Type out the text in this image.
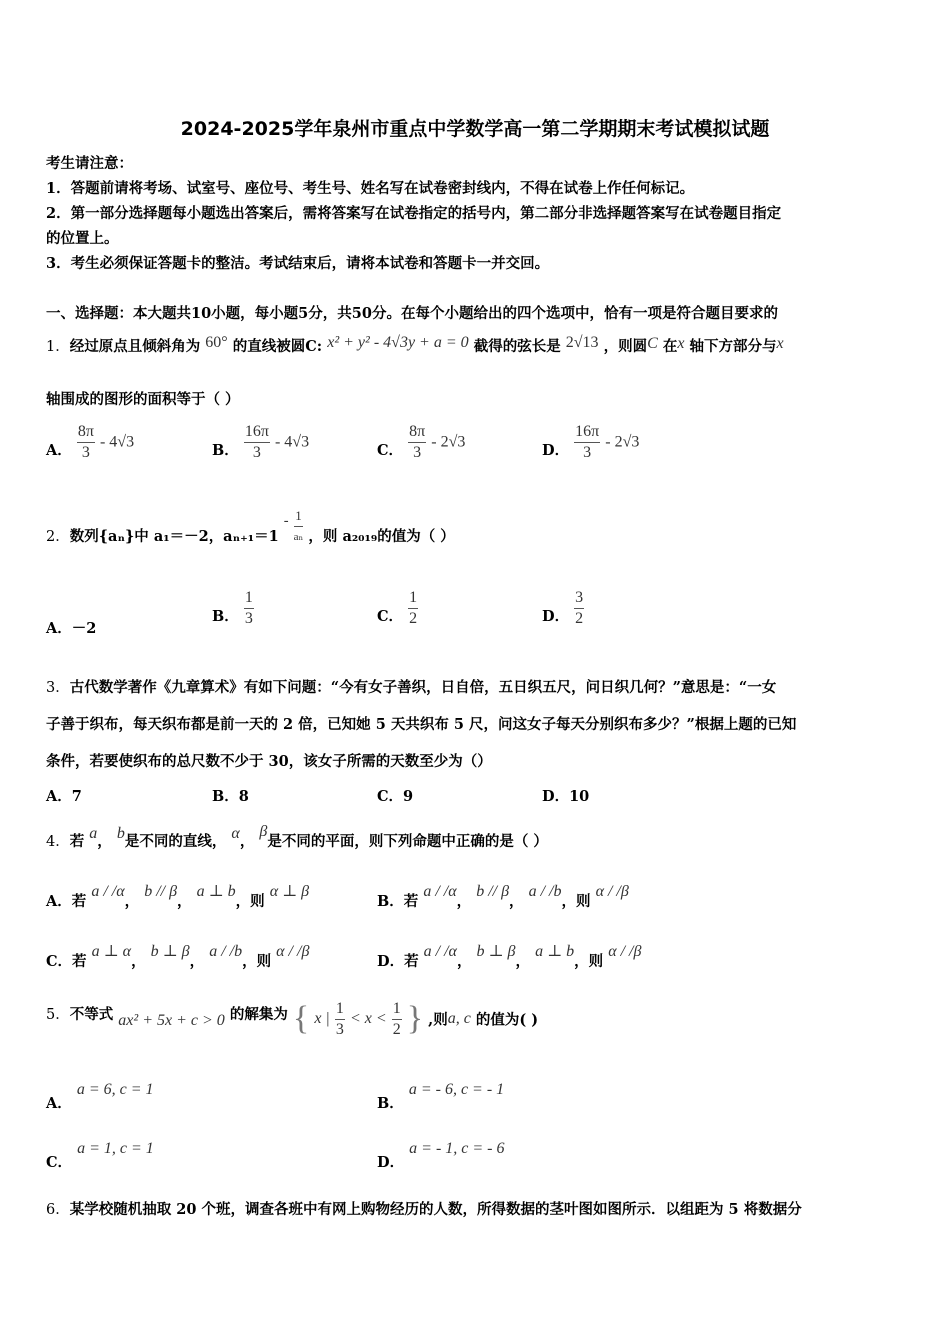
2024-2025学年泉州市重点中学数学高一第二学期期末考试模拟试题
考生请注意：
1．答题前请将考场、试室号、座位号、考生号、姓名写在试卷密封线内，不得在试卷上作任何标记。
2．第一部分选择题每小题选出答案后，需将答案写在试卷指定的括号内，第二部分非选择题答案写在试卷题目指定
的位置上。
3．考生必须保证答题卡的整洁。考试结束后，请将本试卷和答题卡一并交回。
一、选择题：本大题共10小题，每小题5分，共50分。在每个小题给出的四个选项中，恰有一项是符合题目要求的
1．经过原点且倾斜角为 60° 的直线被圆C: x² + y² - 4√3y + a = 0 截得的弦长是 2√13 ，则圆C 在x 轴下方部分与x
轴围成的图形的面积等于（ ）
A． $\frac{8\pi}{3} - 4√3$	B． $\frac{16\pi}{3} - 4√3$	C． $\frac{8\pi}{3} - 2√3$	D． $\frac{16\pi}{3} - 2√3$
2．数列{aₙ}中 a₁＝－2，$a_{n+1}=1 - \frac{1}{\text{aₙ}}$ ，则 a₂₀₁₉的值为（ ）
A．－2
B． $\frac{1}{3}$	C． $\frac{1}{2}$	D． $\frac{3}{2}$
3．古代数学著作《九章算术》有如下问题：“今有女子善织，日自倍，五日织五尺，问日织几何？”意思是：“一女
子善于织布，每天织布都是前一天的 2 倍，已知她 5 天共织布 5 尺，问这女子每天分别织布多少？”根据上题的已知
条件，若要使织布的总尺数不少于 30，该女子所需的天数至少为（）
A．7	B．8	C．9	D．10
4．若 a， b是不同的直线， α， β是不同的平面，则下列命题中正确的是（ ）
A．若 a / /α， b // β， a ⊥ b，则 α ⊥ β
B．若 a / /α， b // β， a / /b，则 α / /β
C．若 a ⊥ α， b ⊥ β， a / /b，则 α / /β
D．若 a / /α， b ⊥ β， a ⊥ b，则 α / /β
5．不等式 ax² + 5x + c > 0 的解集为 { x | $\frac{1}{3} < x < \frac{1}{2}$ } ,则a, c 的值为( )
A． a = 6, c = 1
B． a = - 6, c = - 1
C． a = 1, c = 1
D． a = - 1, c = - 6
6．某学校随机抽取 20 个班，调查各班中有网上购物经历的人数，所得数据的茎叶图如图所示．以组距为 5 将数据分
